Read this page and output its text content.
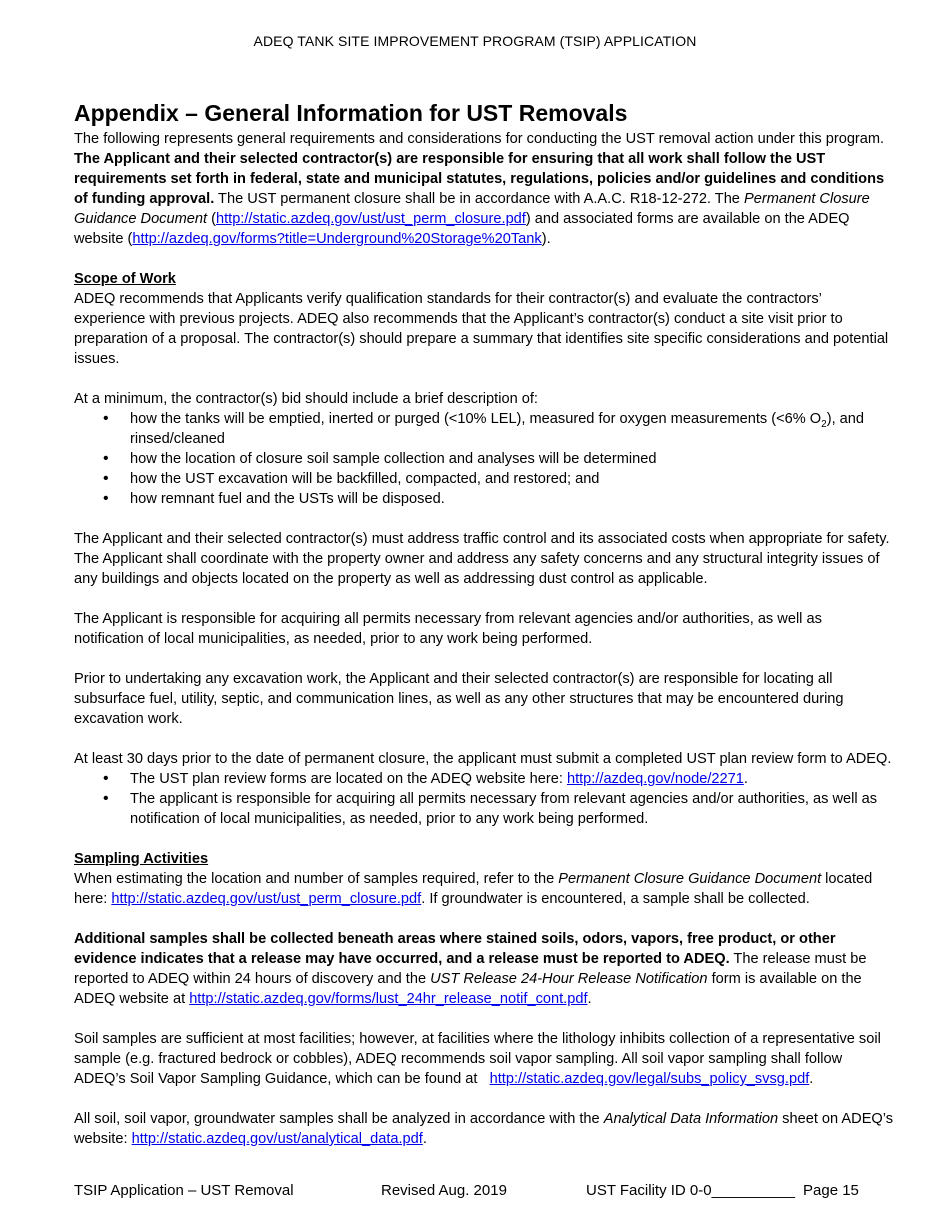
ADEQ TANK SITE IMPROVEMENT PROGRAM (TSIP) APPLICATION
Appendix – General Information for UST Removals

The following represents general requirements and considerations for conducting the UST removal action under this program. The Applicant and their selected contractor(s) are responsible for ensuring that all work shall follow the UST requirements set forth in federal, state and municipal statutes, regulations, policies and/or guidelines and conditions of funding approval. The UST permanent closure shall be in accordance with A.A.C. R18-12-272. The Permanent Closure Guidance Document (http://static.azdeq.gov/ust/ust_perm_closure.pdf) and associated forms are available on the ADEQ website (http://azdeq.gov/forms?title=Underground%20Storage%20Tank).

Scope of Work

ADEQ recommends that Applicants verify qualification standards for their contractor(s) and evaluate the contractors’ experience with previous projects. ADEQ also recommends that the Applicant’s contractor(s) conduct a site visit prior to preparation of a proposal. The contractor(s) should prepare a summary that identifies site specific considerations and potential issues.

At a minimum, the contractor(s) bid should include a brief description of:

• how the tanks will be emptied, inerted or purged (<10% LEL), measured for oxygen measurements (<6% $O_2$), and rinsed/cleaned
• how the location of closure soil sample collection and analyses will be determined
• how the UST excavation will be backfilled, compacted, and restored; and
• how remnant fuel and the USTs will be disposed.

The Applicant and their selected contractor(s) must address traffic control and its associated costs when appropriate for safety. The Applicant shall coordinate with the property owner and address any safety concerns and any structural integrity issues of any buildings and objects located on the property as well as addressing dust control as applicable.

The Applicant is responsible for acquiring all permits necessary from relevant agencies and/or authorities, as well as notification of local municipalities, as needed, prior to any work being performed.

Prior to undertaking any excavation work, the Applicant and their selected contractor(s) are responsible for locating all subsurface fuel, utility, septic, and communication lines, as well as any other structures that may be encountered during excavation work.

At least 30 days prior to the date of permanent closure, the applicant must submit a completed UST plan review form to ADEQ.

• The UST plan review forms are located on the ADEQ website here: http://azdeq.gov/node/2271.
• The applicant is responsible for acquiring all permits necessary from relevant agencies and/or authorities, as well as notification of local municipalities, as needed, prior to any work being performed.

Sampling Activities

When estimating the location and number of samples required, refer to the Permanent Closure Guidance Document located here: http://static.azdeq.gov/ust/ust_perm_closure.pdf. If groundwater is encountered, a sample shall be collected.

Additional samples shall be collected beneath areas where stained soils, odors, vapors, free product, or other evidence indicates that a release may have occurred, and a release must be reported to ADEQ. The release must be reported to ADEQ within 24 hours of discovery and the UST Release 24-Hour Release Notification form is available on the ADEQ website at http://static.azdeq.gov/forms/lust_24hr_release_notif_cont.pdf.

Soil samples are sufficient at most facilities; however, at facilities where the lithology inhibits collection of a representative soil sample (e.g. fractured bedrock or cobbles), ADEQ recommends soil vapor sampling. All soil vapor sampling shall follow ADEQ’s Soil Vapor Sampling Guidance, which can be found at   http://static.azdeq.gov/legal/subs_policy_svsg.pdf.

All soil, soil vapor, groundwater samples shall be analyzed in accordance with the Analytical Data Information sheet on ADEQ’s website: http://static.azdeq.gov/ust/analytical_data.pdf.

TSIP Application – UST Removal	Revised Aug. 2019	UST Facility ID 0-0__________ Page 15
